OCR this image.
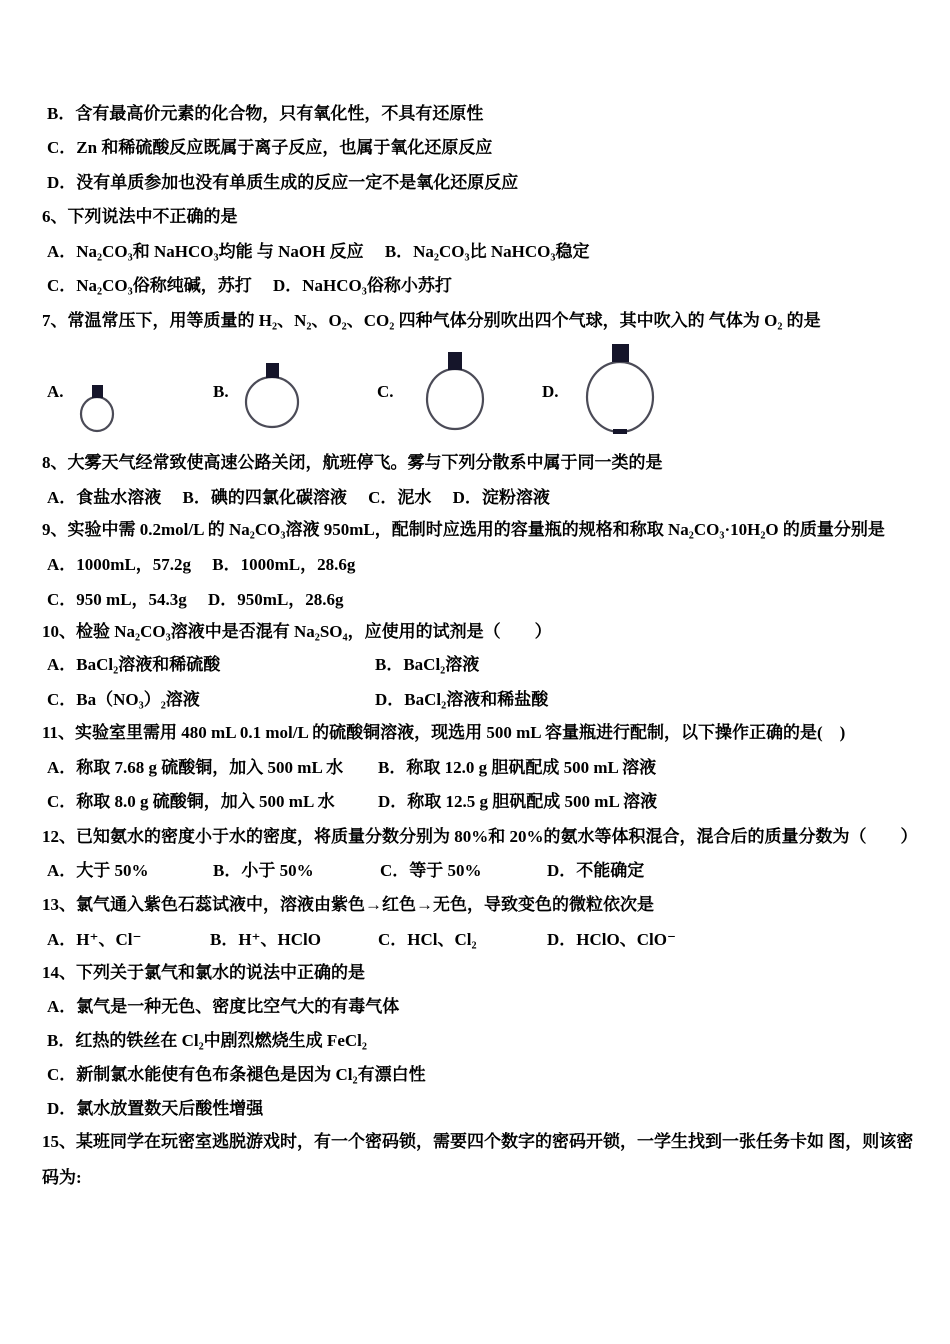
B．含有最高价元素的化合物，只有氧化性，不具有还原性
C．Zn 和稀硫酸反应既属于离子反应，也属于氧化还原反应
D．没有单质参加也没有单质生成的反应一定不是氧化还原反应
6、下列说法中不正确的是
A．Na₂CO₃和 NaHCO₃均能 与 NaOH 反应　 B．Na₂CO₃比 NaHCO₃稳定
C．Na₂CO₃俗称纯碱，苏打　 D．NaHCO₃俗称小苏打
7、常温常压下，用等质量的 H₂、N₂、O₂、CO₂ 四种气体分别吹出四个气球，其中吹入的 气体为 O₂ 的是
A.	B.	C.	D.
8、大雾天气经常致使高速公路关闭，航班停飞。雾与下列分散系中属于同一类的是
A．食盐水溶液　 B．碘的四氯化碳溶液　 C．泥水　 D．淀粉溶液
9、实验中需 0.2mol/L 的 Na₂CO₃溶液 950mL，配制时应选用的容量瓶的规格和称取 Na₂CO₃·10H₂O 的质量分别是
A．1000mL，57.2g　 B．1000mL，28.6g
C．950 mL，54.3g　 D．950mL，28.6g
10、检验 Na₂CO₃溶液中是否混有 Na₂SO₄，应使用的试剂是（　　）
A．BaCl₂溶液和稀硫酸	B．BaCl₂溶液
C．Ba（NO₃）₂溶液	D．BaCl₂溶液和稀盐酸
11、实验室里需用 480 mL 0.1 mol/L 的硫酸铜溶液，现选用 500 mL 容量瓶进行配制，以下操作正确的是(　)
A．称取 7.68 g 硫酸铜，加入 500 mL 水 B．称取 12.0 g 胆矾配成 500 mL 溶液
C．称取 8.0 g 硫酸铜，加入 500 mL 水	D．称取 12.5 g 胆矾配成 500 mL 溶液
12、已知氨水的密度小于水的密度，将质量分数分别为 80%和 20%的氨水等体积混合，混合后的质量分数为（　　）
A．大于 50%	B．小于 50%	C．等于 50%	D．不能确定
13、氯气通入紫色石蕊试液中，溶液由紫色→红色→无色，导致变色的微粒依次是
A．H⁺、Cl⁻	B．H⁺、HClO	C．HCl、Cl₂	D．HClO、ClO⁻
14、下列关于氯气和氯水的说法中正确的是
A．氯气是一种无色、密度比空气大的有毒气体
B．红热的铁丝在 Cl₂中剧烈燃烧生成 FeCl₂
C．新制氯水能使有色布条褪色是因为 Cl₂有漂白性
D．氯水放置数天后酸性增强
15、某班同学在玩密室逃脱游戏时，有一个密码锁，需要四个数字的密码开锁，一学生找到一张任务卡如 图，则该密
码为:
